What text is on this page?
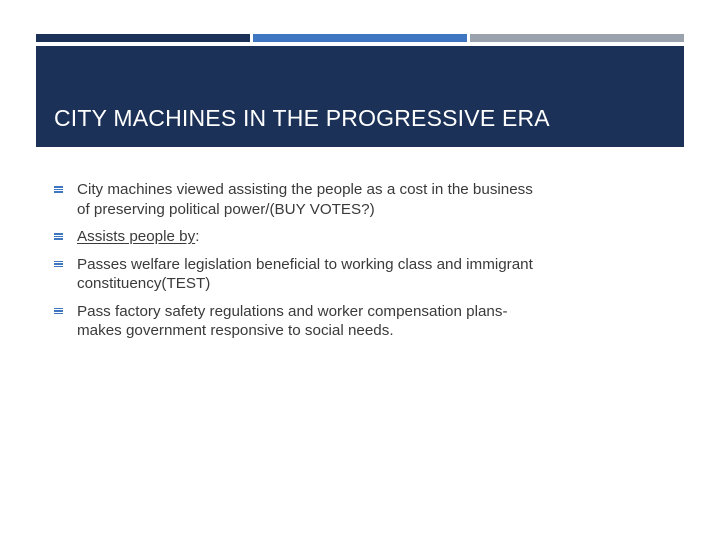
CITY MACHINES IN THE PROGRESSIVE ERA
City machines viewed assisting the people as a cost in the business of preserving political power/(BUY VOTES?)
Assists people by:
Passes welfare legislation beneficial to working class and immigrant constituency(TEST)
Pass factory safety regulations and worker compensation plans- makes government responsive to social needs.
